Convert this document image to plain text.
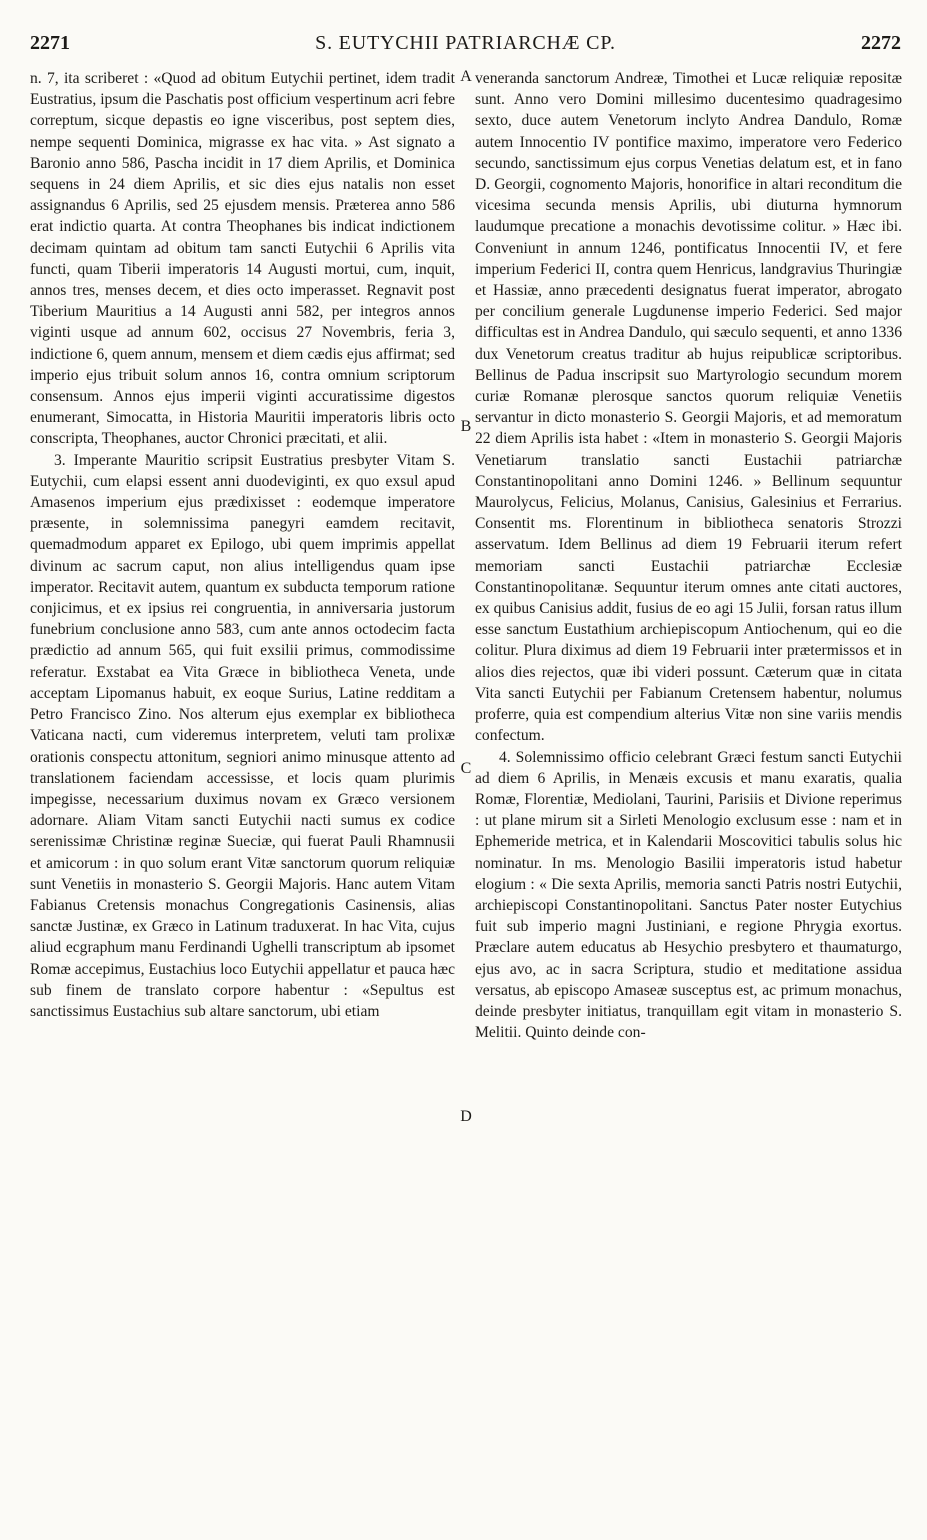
2271	S. EUTYCHII PATRIARCHÆ CP.	2272

n. 7, ita scriberet : «Quod ad obitum Eutychii pertinet, idem tradit Eustratius, ipsum die Paschatis post officium vespertinum acri febre correptum, sicque depastis eo igne visceribus, post septem dies, nempe sequenti Dominica, migrasse ex hac vita. » Ast signato a Baronio anno 586, Pascha incidit in 17 diem Aprilis, et Dominica sequens in 24 diem Aprilis, et sic dies ejus natalis non esset assignandus 6 Aprilis, sed 25 ejusdem mensis. Præterea anno 586 erat indictio quarta. At contra Theophanes bis indicat indictionem decimam quintam ad obitum tam sancti Eutychii 6 Aprilis vita functi, quam Tiberii imperatoris 14 Augusti mortui, cum, inquit, annos tres, menses decem, et dies octo imperasset. Regnavit post Tiberium Mauritius a 14 Augusti anni 582, per integros annos viginti usque ad annum 602, occisus 27 Novembris, feria 3, indictione 6, quem annum, mensem et diem cædis ejus affirmat; sed imperio ejus tribuit solum annos 16, contra omnium scriptorum consensum. Annos ejus imperii viginti accuratissime digestos enumerant, Simocatta, in Historia Mauritii imperatoris libris octo conscripta, Theophanes, auctor Chronici præcitati, et alii.

3. Imperante Mauritio scripsit Eustratius presbyter Vitam S. Eutychii, cum elapsi essent anni duodeviginti, ex quo exsul apud Amasenos imperium ejus prædixisset : eodemque imperatore præsente, in solemnissima panegyri eamdem recitavit, quemadmodum apparet ex Epilogo, ubi quem imprimis appellat divinum ac sacrum caput, non alius intelligendus quam ipse imperator. Recitavit autem, quantum ex subducta temporum ratione conjicimus, et ex ipsius rei congruentia, in anniversaria justorum funebrium conclusione anno 583, cum ante annos octodecim facta prædictio ad annum 565, qui fuit exsilii primus, commodissime referatur. Exstabat ea Vita Græce in bibliotheca Veneta, unde acceptam Lipomanus habuit, ex eoque Surius, Latine redditam a Petro Francisco Zino. Nos alterum ejus exemplar ex bibliotheca Vaticana nacti, cum videremus interpretem, veluti tam prolixæ orationis conspectu attonitum, segniori animo minusque attento ad translationem faciendam accessisse, et locis quam plurimis impegisse, necessarium duximus novam ex Græco versionem adornare. Aliam Vitam sancti Eutychii nacti sumus ex codice serenissimæ Christinæ reginæ Sueciæ, qui fuerat Pauli Rhamnusii et amicorum : in quo solum erant Vitæ sanctorum quorum reliquiæ sunt Venetiis in monasterio S. Georgii Majoris. Hanc autem Vitam Fabianus Cretensis monachus Congregationis Casinensis, alias sanctæ Justinæ, ex Græco in Latinum traduxerat. In hac Vita, cujus aliud ecgraphum manu Ferdinandi Ughelli transcriptum ab ipsomet Romæ accepimus, Eustachius loco Eutychii appellatur et pauca hæc sub finem de translato corpore habentur : «Sepultus est sanctissimus Eustachius sub altare sanctorum, ubi etiam

A
B
C
D

veneranda sanctorum Andreæ, Timothei et Lucæ reliquiæ repositæ sunt. Anno vero Domini millesimo ducentesimo quadragesimo sexto, duce autem Venetorum inclyto Andrea Dandulo, Romæ autem Innocentio IV pontifice maximo, imperatore vero Federico secundo, sanctissimum ejus corpus Venetias delatum est, et in fano D. Georgii, cognomento Majoris, honorifice in altari reconditum die vicesima secunda mensis Aprilis, ubi diuturna hymnorum laudumque precatione a monachis devotissime colitur. » Hæc ibi. Conveniunt in annum 1246, pontificatus Innocentii IV, et fere imperium Federici II, contra quem Henricus, landgravius Thuringiæ et Hassiæ, anno præcedenti designatus fuerat imperator, abrogato per concilium generale Lugdunense imperio Federici. Sed major difficultas est in Andrea Dandulo, qui sæculo sequenti, et anno 1336 dux Venetorum creatus traditur ab hujus reipublicæ scriptoribus. Bellinus de Padua inscripsit suo Martyrologio secundum morem curiæ Romanæ plerosque sanctos quorum reliquiæ Venetiis servantur in dicto monasterio S. Georgii Majoris, et ad memoratum 22 diem Aprilis ista habet : «Item in monasterio S. Georgii Majoris Venetiarum translatio sancti Eustachii patriarchæ Constantinopolitani anno Domini 1246. » Bellinum sequuntur Maurolycus, Felicius, Molanus, Canisius, Galesinius et Ferrarius. Consentit ms. Florentinum in bibliotheca senatoris Strozzi asservatum. Idem Bellinus ad diem 19 Februarii iterum refert memoriam sancti Eustachii patriarchæ Ecclesiæ Constantinopolitanæ. Sequuntur iterum omnes ante citati auctores, ex quibus Canisius addit, fusius de eo agi 15 Julii, forsan ratus illum esse sanctum Eustathium archiepiscopum Antiochenum, qui eo die colitur. Plura diximus ad diem 19 Februarii inter prætermissos et in alios dies rejectos, quæ ibi videri possunt. Cæterum quæ in citata Vita sancti Eutychii per Fabianum Cretensem habentur, nolumus proferre, quia est compendium alterius Vitæ non sine variis mendis confectum.

4. Solemnissimo officio celebrant Græci festum sancti Eutychii ad diem 6 Aprilis, in Menæis excusis et manu exaratis, qualia Romæ, Florentiæ, Mediolani, Taurini, Parisiis et Divione reperimus : ut plane mirum sit a Sirleti Menologio exclusum esse : nam et in Ephemeride metrica, et in Kalendarii Moscovitici tabulis solus hic nominatur. In ms. Menologio Basilii imperatoris istud habetur elogium : « Die sexta Aprilis, memoria sancti Patris nostri Eutychii, archiepiscopi Constantinopolitani. Sanctus Pater noster Eutychius fuit sub imperio magni Justiniani, e regione Phrygia exortus. Præclare autem educatus ab Hesychio presbytero et thaumaturgo, ejus avo, ac in sacra Scriptura, studio et meditatione assidua versatus, ab episcopo Amaseæ susceptus est, ac primum monachus, deinde presbyter initiatus, tranquillam egit vitam in monasterio S. Melitii. Quinto deinde con-
